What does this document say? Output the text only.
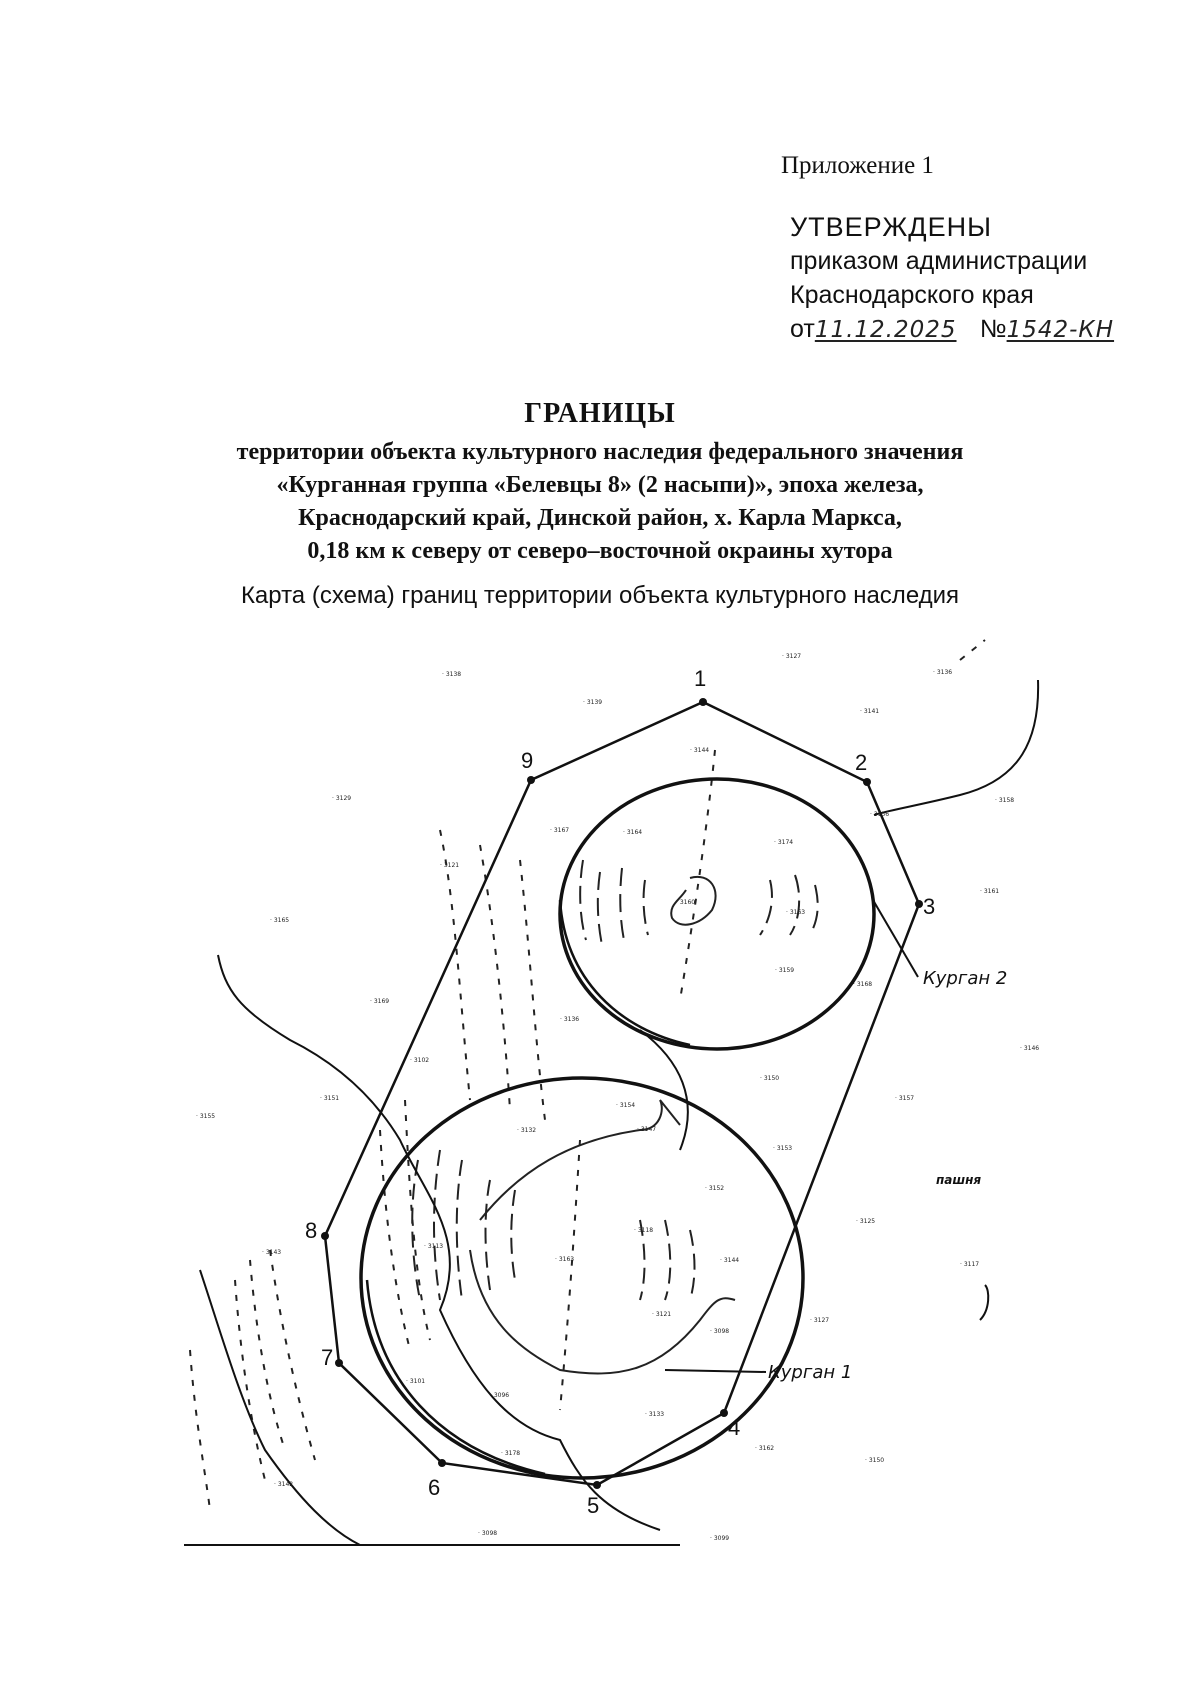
Приложение 1
УТВЕРЖДЕНЫ
приказом администрации
Краснодарского края
от11.12.2025 №1542-КН
ГРАНИЦЫ
территории объекта культурного наследия федерального значения
«Курганная группа «Белевцы 8» (2 насыпи)», эпоха железа,
Краснодарский край, Динской район, х. Карла Маркса,
0,18 км к северу от северо–восточной окраины хутора
Карта (схема) границ территории объекта культурного наследия
1
2
3
4
5
6
7
8
9
Курган 2
Курган 1
пашня
· 3138
· 3127
· 3136
· 3139
· 3141
· 3144
· 3129	· 3158
· 3156
· 3167	· 3164
· 3174
· 3121
· 3161
· 3165
· 3160
· 3163
· 3159
· 3168
· 3169
· 3136
· 3146
· 3102
· 3150
· 3157
· 3151
· 3155
· 3154
· 3147
· 3153
· 3132
· 3152
· 3125
· 3118
· 3163	· 3144
· 3113
· 3117
· 3121
· 3127
· 3098
· 3096
· 3133
· 3101
· 3178
· 3162
· 3150
· 3099
· 3098
· 3143
· 3142
